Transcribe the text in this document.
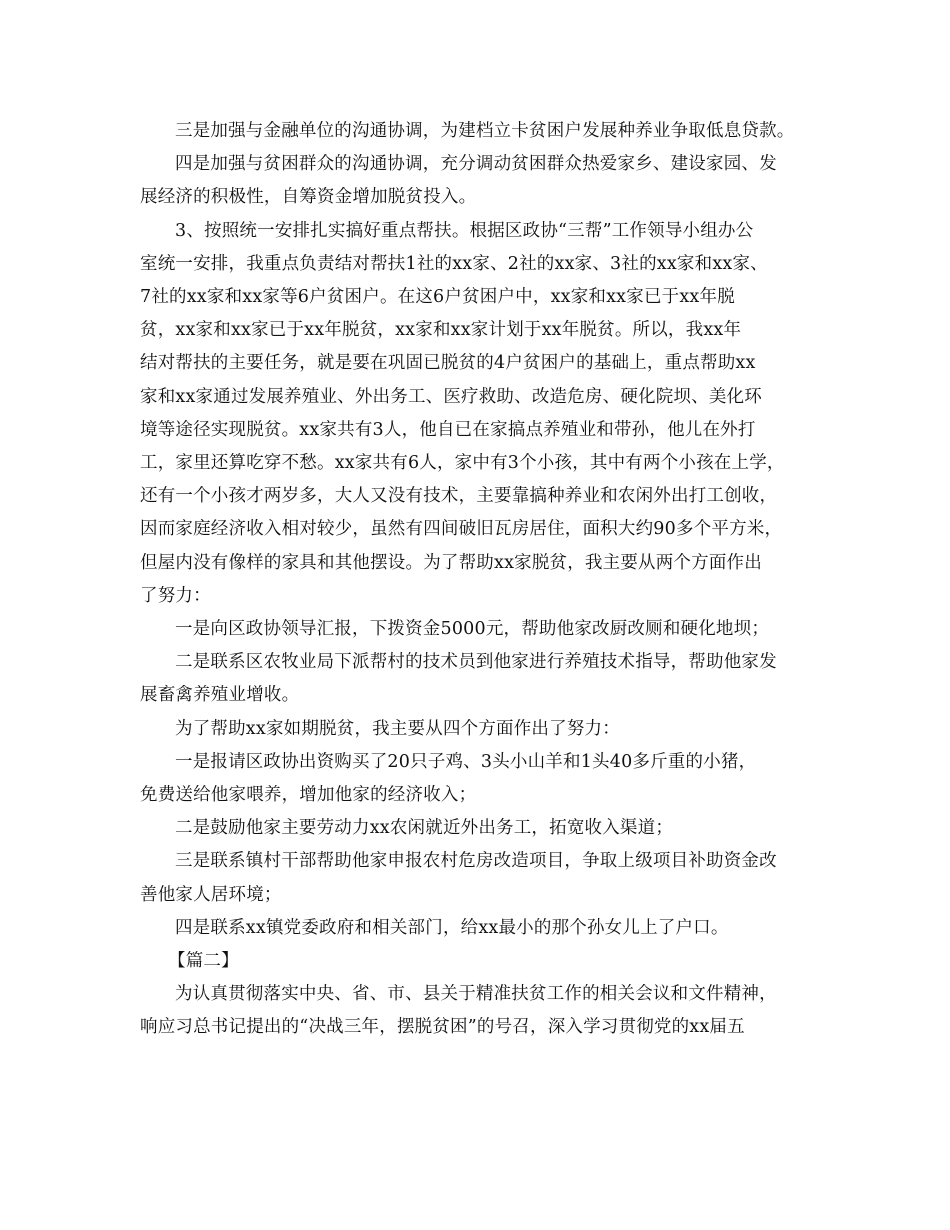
三是加强与金融单位的沟通协调，为建档立卡贫困户发展种养业争取低息贷款。

四是加强与贫困群众的沟通协调，充分调动贫困群众热爱家乡、建设家园、发

展经济的积极性，自筹资金增加脱贫投入。

3、按照统一安排扎实搞好重点帮扶。根据区政协“三帮”工作领导小组办公

室统一安排，我重点负责结对帮扶1社的xx家、2社的xx家、3社的xx家和xx家、

7社的xx家和xx家等6户贫困户。在这6户贫困户中，xx家和xx家已于xx年脱

贫，xx家和xx家已于xx年脱贫，xx家和xx家计划于xx年脱贫。所以，我xx年

结对帮扶的主要任务，就是要在巩固已脱贫的4户贫困户的基础上，重点帮助xx

家和xx家通过发展养殖业、外出务工、医疗救助、改造危房、硬化院坝、美化环

境等途径实现脱贫。xx家共有3人，他自已在家搞点养殖业和带孙，他儿在外打

工，家里还算吃穿不愁。xx家共有6人，家中有3个小孩，其中有两个小孩在上学，

还有一个小孩才两岁多，大人又没有技术，主要靠搞种养业和农闲外出打工创收，

因而家庭经济收入相对较少，虽然有四间破旧瓦房居住，面积大约90多个平方米，

但屋内没有像样的家具和其他摆设。为了帮助xx家脱贫，我主要从两个方面作出

了努力：

一是向区政协领导汇报，下拨资金5000元，帮助他家改厨改厕和硬化地坝；

二是联系区农牧业局下派帮村的技术员到他家进行养殖技术指导，帮助他家发

展畜禽养殖业增收。

为了帮助xx家如期脱贫，我主要从四个方面作出了努力：

一是报请区政协出资购买了20只子鸡、3头小山羊和1头40多斤重的小猪，

免费送给他家喂养，增加他家的经济收入；

二是鼓励他家主要劳动力xx农闲就近外出务工，拓宽收入渠道；

三是联系镇村干部帮助他家申报农村危房改造项目，争取上级项目补助资金改

善他家人居环境；

四是联系xx镇党委政府和相关部门，给xx最小的那个孙女儿上了户口。

【篇二】

为认真贯彻落实中央、省、市、县关于精准扶贫工作的相关会议和文件精神，

响应习总书记提出的“决战三年，摆脱贫困”的号召，深入学习贯彻党的xx届五
